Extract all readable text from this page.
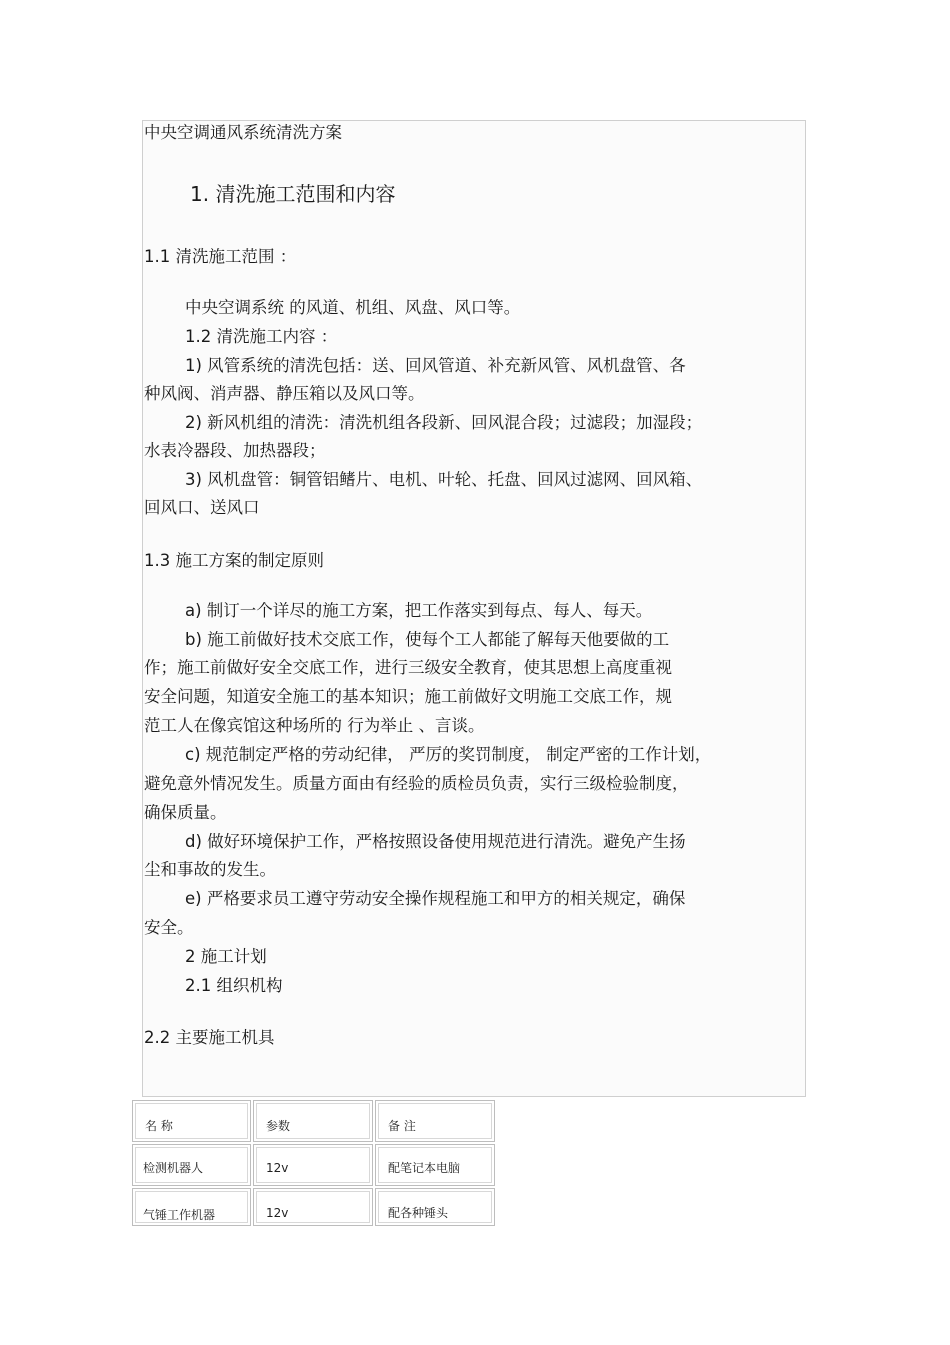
中央空调通风系统清洗方案
1. 清洗施工范围和内容
1.1 清洗施工范围 ：
中央空调系统 的风道、机组、风盘、风口等。
1.2 清洗施工内容 ：
1) 风管系统的清洗包括：送、回风管道、补充新风管、风机盘管、各
种风阀、消声器、静压箱以及风口等。
2) 新风机组的清洗：清洗机组各段新、回风混合段；过滤段；加湿段；
水表冷器段、加热器段；
3) 风机盘管：铜管铝鳍片、电机、叶轮、托盘、回风过滤网、回风箱、
回风口、送风口
1.3 施工方案的制定原则
a) 制订一个详尽的施工方案，把工作落实到每点、每人、每天。
b) 施工前做好技术交底工作，使每个工人都能了解每天他要做的工
作；施工前做好安全交底工作，进行三级安全教育，使其思想上高度重视
安全问题，知道安全施工的基本知识；施工前做好文明施工交底工作，规
范工人在像宾馆这种场所的 行为举止 、言谈。
c) 规范制定严格的劳动纪律， 严厉的奖罚制度， 制定严密的工作计划，
避免意外情况发生。质量方面由有经验的质检员负责，实行三级检验制度，
确保质量。
d) 做好环境保护工作，严格按照设备使用规范进行清洗。避免产生扬
尘和事故的发生。
e) 严格要求员工遵守劳动安全操作规程施工和甲方的相关规定，确保
安全。
2 施工计划
2.1 组织机构
2.2 主要施工机具
名 称	参数	备 注
检测机器人	12v	配笔记本电脑
气锤工作机器	12v	配各种锤头
